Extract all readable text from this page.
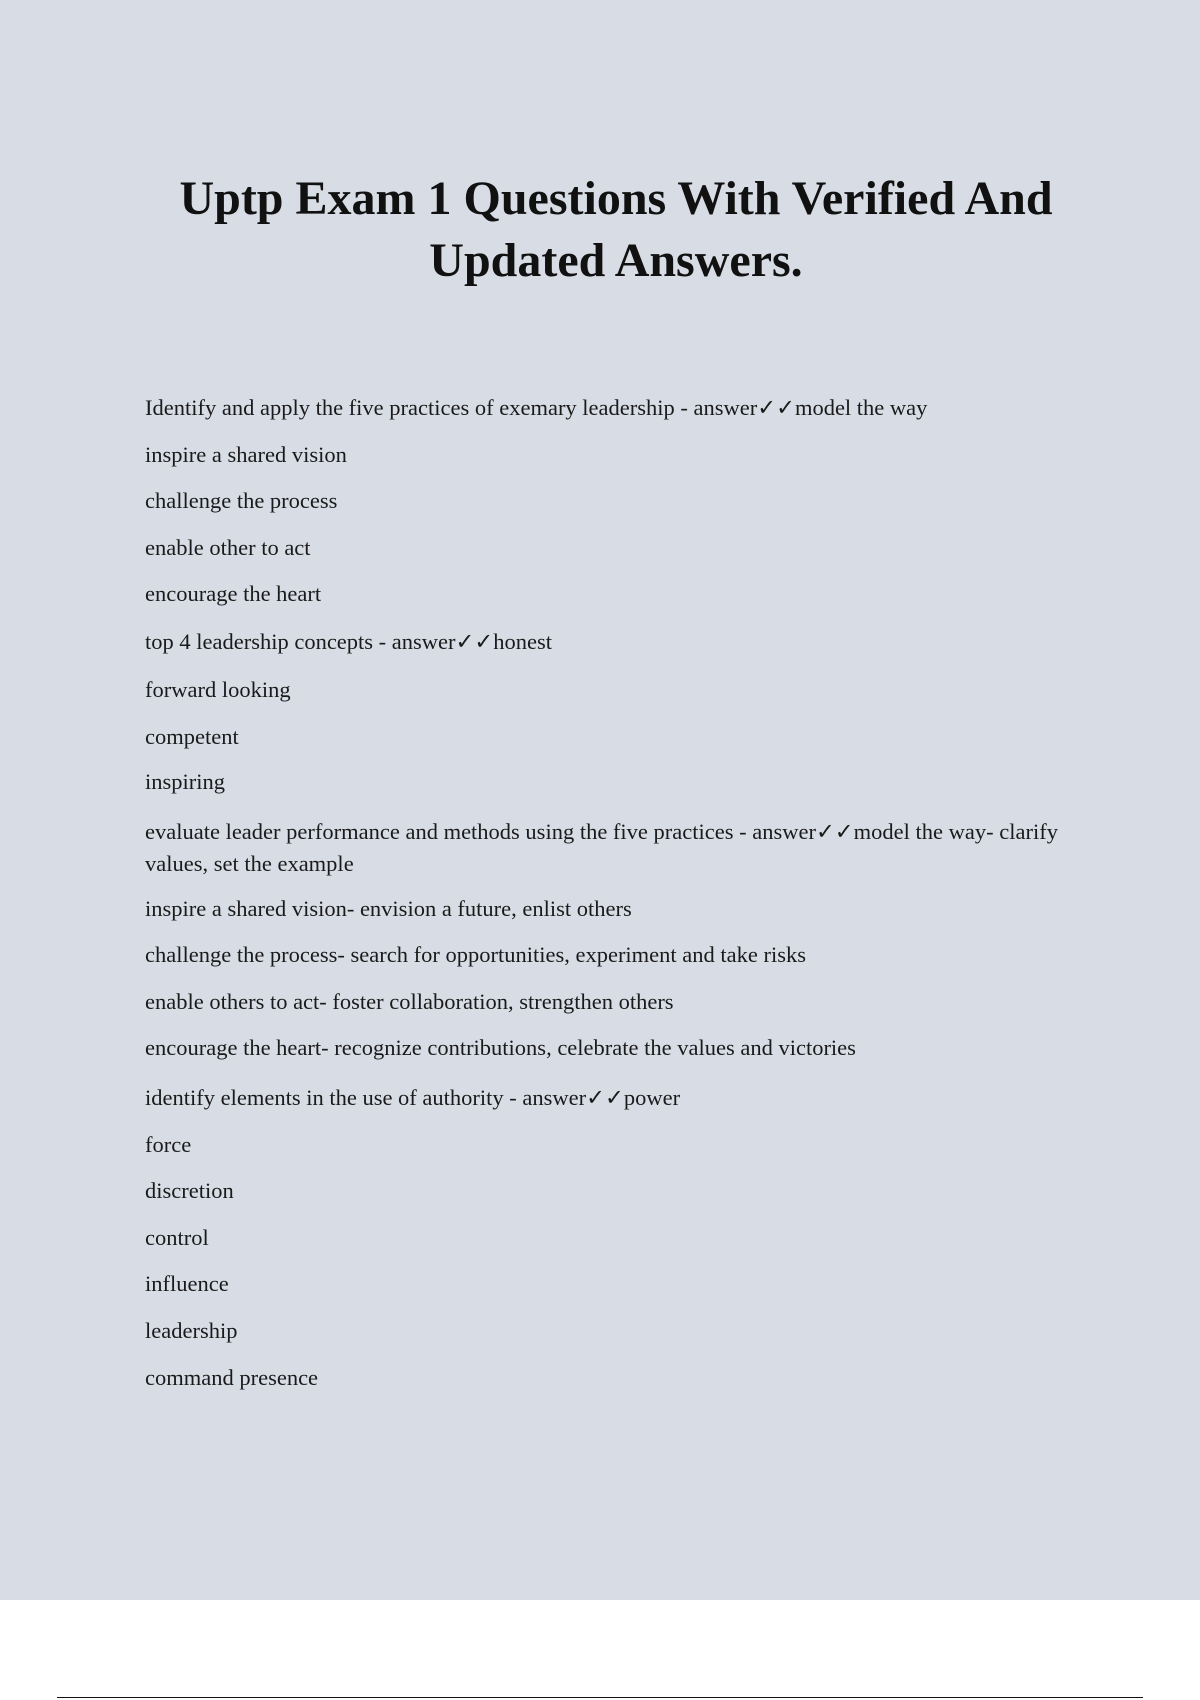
Uptp Exam 1 Questions With Verified And Updated Answers.
Identify and apply the five practices of exemary leadership - answer✓✓model the way
inspire a shared vision
challenge the process
enable other to act
encourage the heart
top 4 leadership concepts - answer✓✓honest
forward looking
competent
inspiring
evaluate leader performance and methods using the five practices - answer✓✓model the way- clarify values, set the example
inspire a shared vision- envision a future, enlist others
challenge the process- search for opportunities, experiment and take risks
enable others to act- foster collaboration, strengthen others
encourage the heart- recognize contributions, celebrate the values and victories
identify elements in the use of authority - answer✓✓power
force
discretion
control
influence
leadership
command presence
